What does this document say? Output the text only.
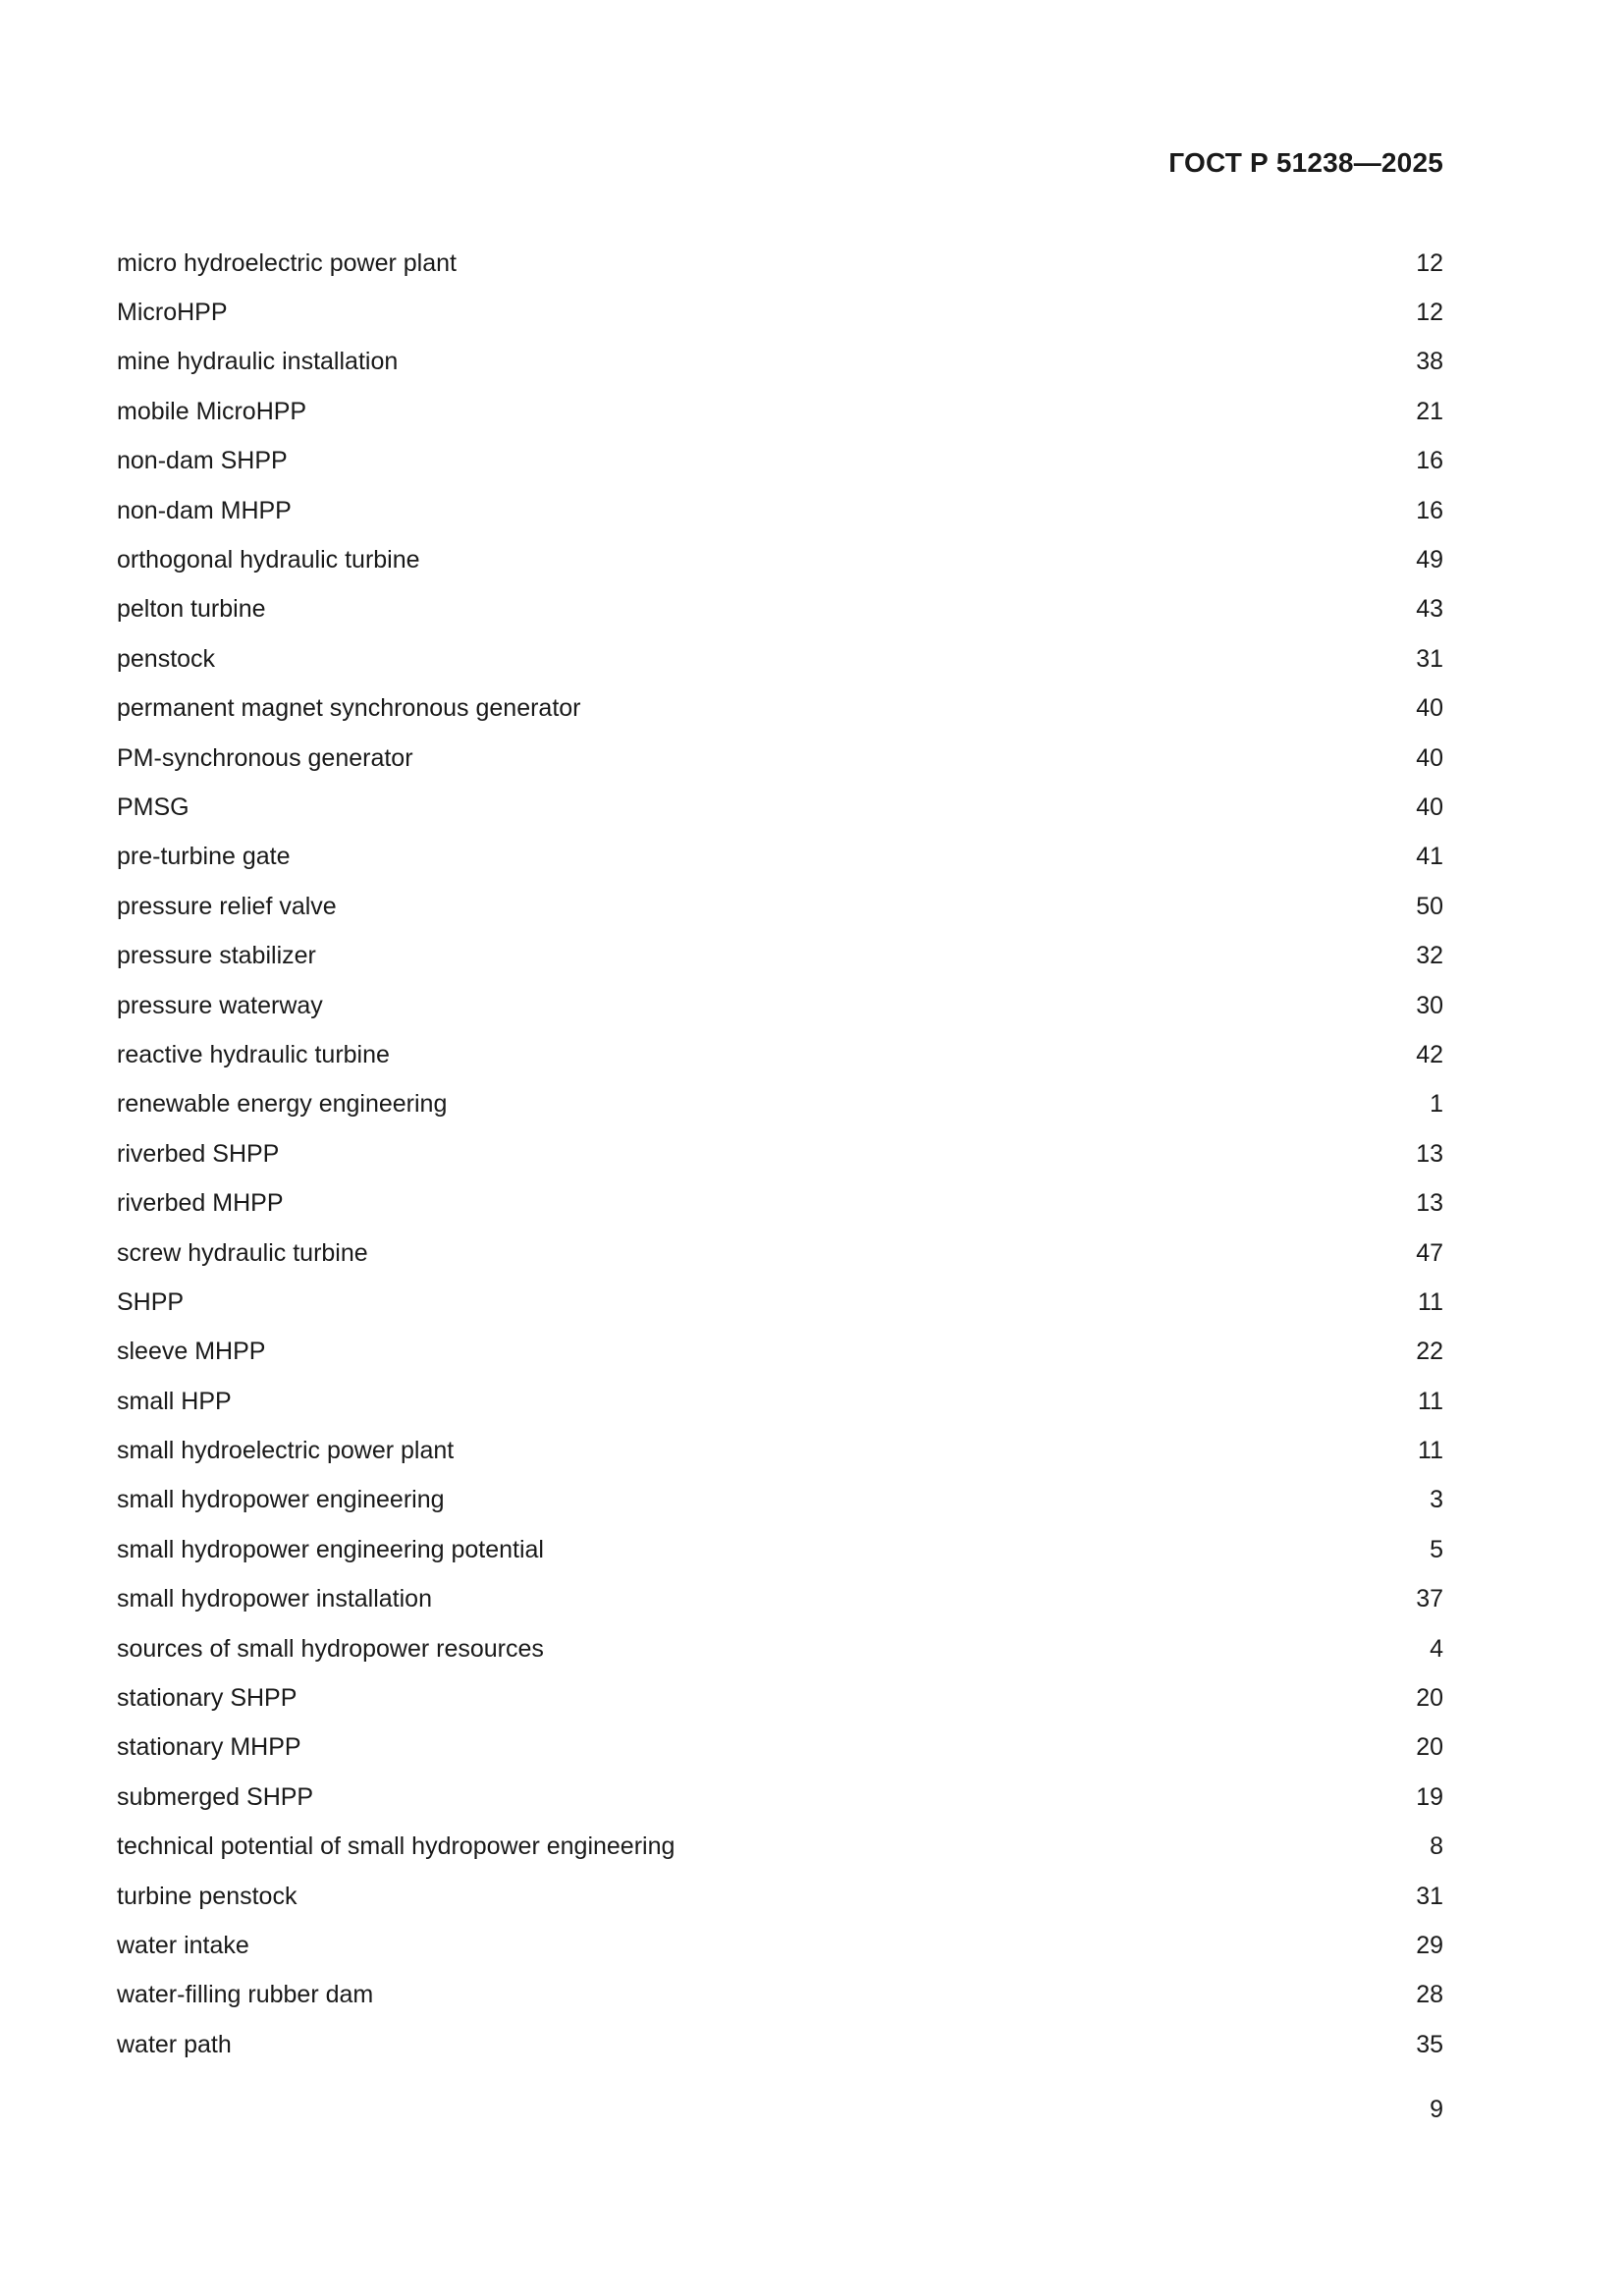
ГОСТ Р 51238—2025
micro hydroelectric power plant	12
MicroHPP	12
mine hydraulic installation	38
mobile MicroHPP	21
non-dam SHPP	16
non-dam MHPP	16
orthogonal hydraulic turbine	49
pelton turbine	43
penstock	31
permanent magnet synchronous generator	40
PM-synchronous generator	40
PMSG	40
pre-turbine gate	41
pressure relief valve	50
pressure stabilizer	32
pressure waterway	30
reactive hydraulic turbine	42
renewable energy engineering	1
riverbed SHPP	13
riverbed MHPP	13
screw hydraulic turbine	47
SHPP	11
sleeve MHPP	22
small HPP	11
small hydroelectric power plant	11
small hydropower engineering	3
small hydropower engineering potential	5
small hydropower installation	37
sources of small hydropower resources	4
stationary SHPP	20
stationary MHPP	20
submerged SHPP	19
technical potential of small hydropower engineering	8
turbine penstock	31
water intake	29
water-filling rubber dam	28
water path	35
9
